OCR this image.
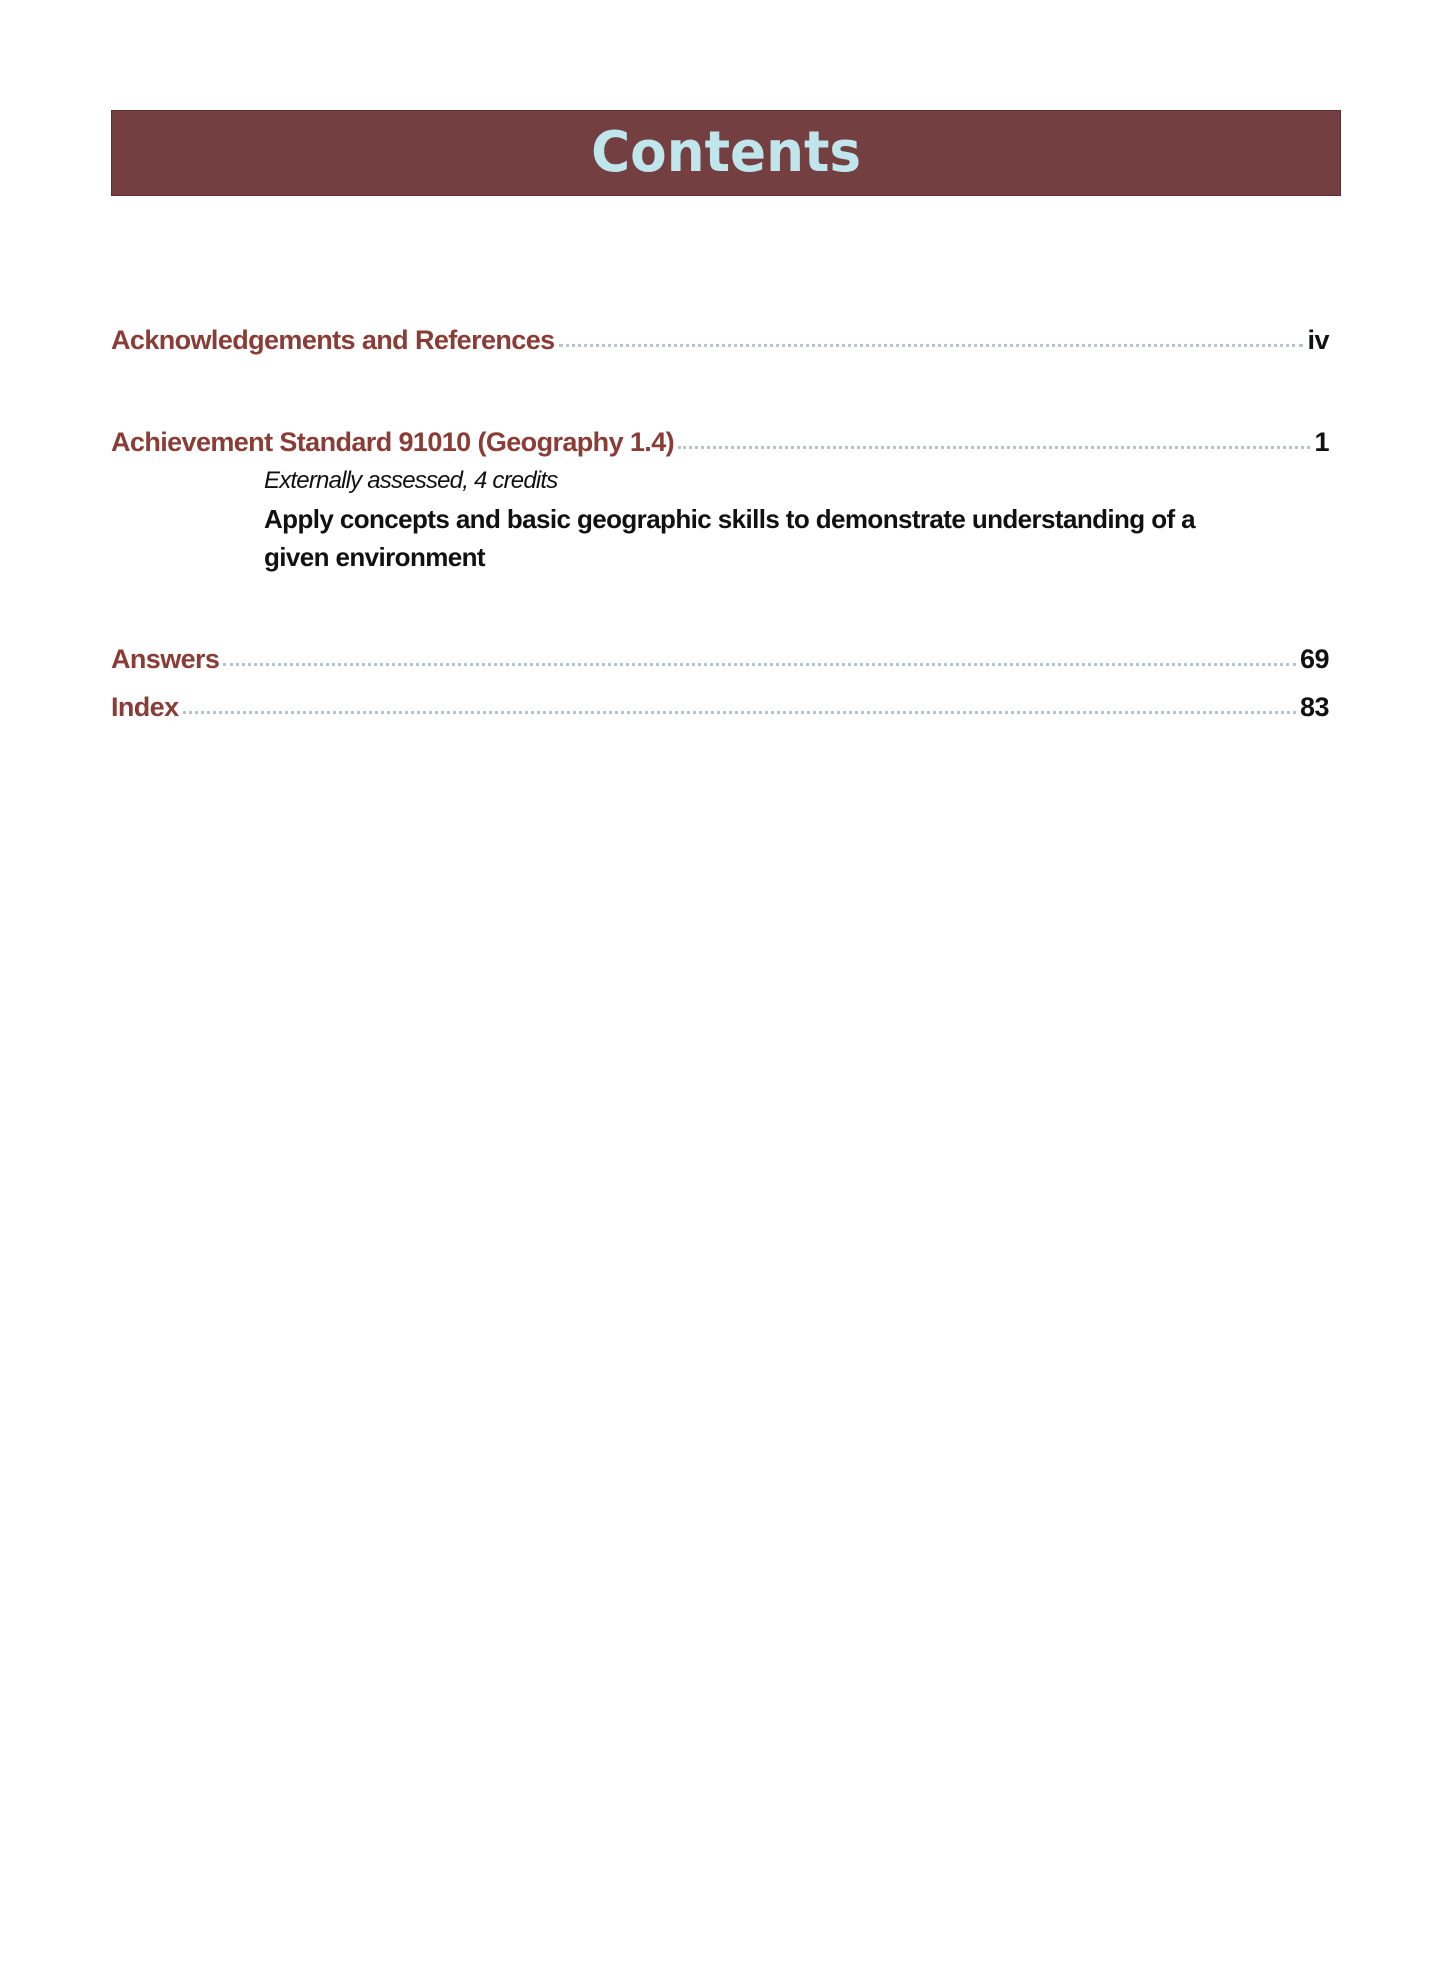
Contents
Acknowledgements and References	iv
Achievement Standard 91010 (Geography 1.4)	1
Externally assessed, 4 credits
Apply concepts and basic geographic skills to demonstrate understanding of a given environment
Answers	69
Index	83
